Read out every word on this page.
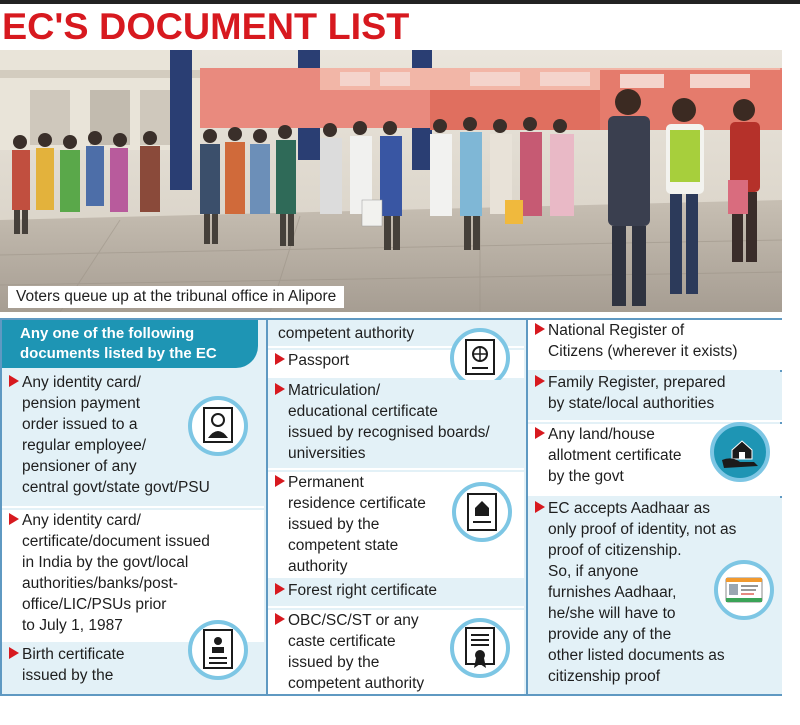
EC'S DOCUMENT LIST
Voters queue up at the tribunal office in Alipore
Any one of the following
documents listed by the EC
Any identity card/
pension payment
order issued to a
regular employee/
pensioner of any
central govt/state govt/PSU
Any identity card/
certificate/document issued
in India by the govt/local
authorities/banks/post-
office/LIC/PSUs prior
to July 1, 1987
Birth certificate
issued by the
competent authority
Passport
Matriculation/
educational certificate
issued by recognised boards/
universities
Permanent
residence certificate
issued by the
competent state
authority
Forest right certificate
OBC/SC/ST or any
caste certificate
issued by the
competent authority
National Register of
Citizens (wherever it exists)
Family Register, prepared
by state/local authorities
Any land/house
allotment certificate
by the govt
EC accepts Aadhaar as
only proof of identity, not as
proof of citizenship.
So, if anyone
furnishes Aadhaar,
he/she will have to
provide any of the
other listed documents as
citizenship proof
